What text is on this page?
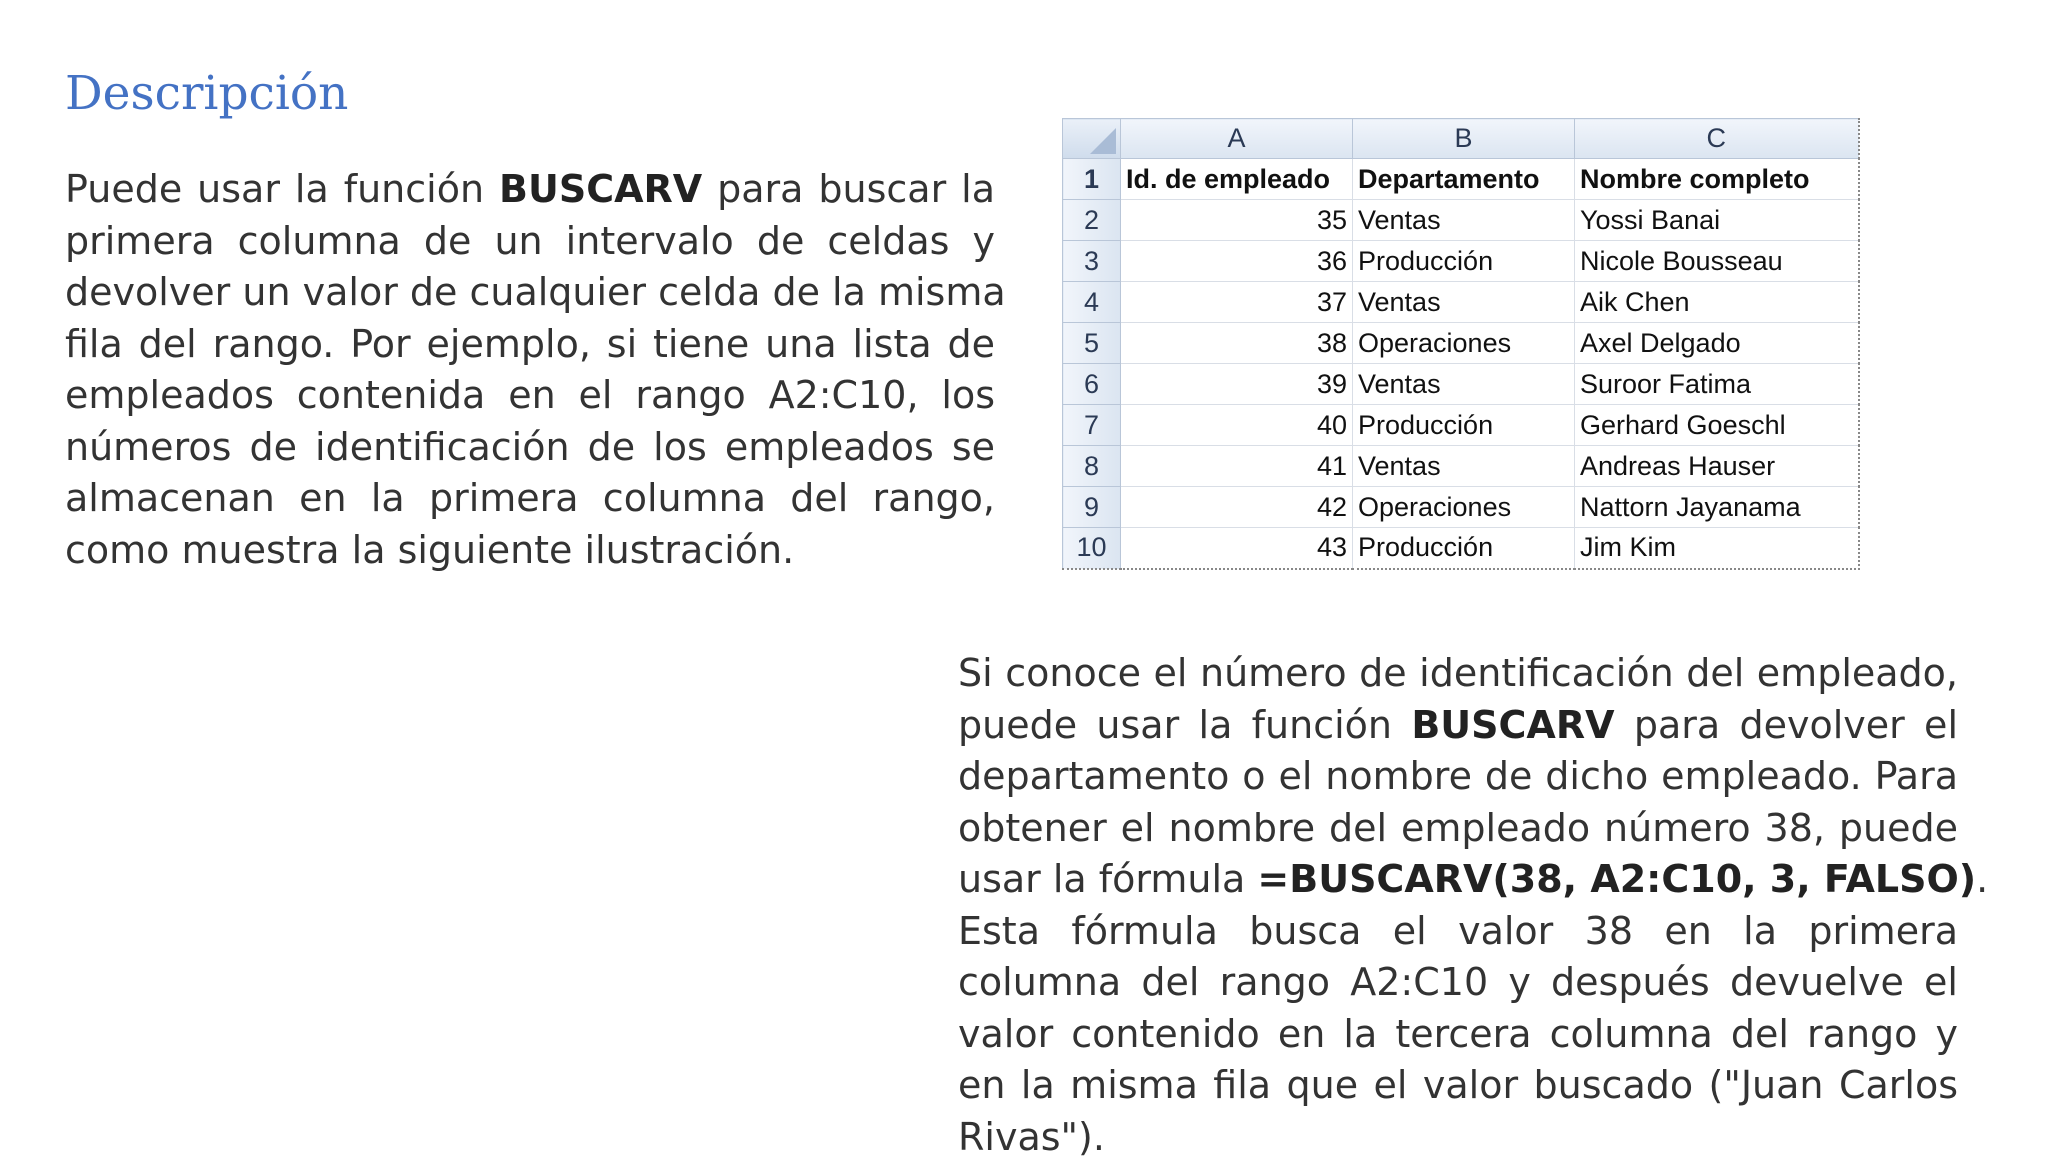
Descripción

Puede usar la función BUSCARV para buscar la
primera columna de un intervalo de celdas y
devolver un valor de cualquier celda de la misma
fila del rango. Por ejemplo, si tiene una lista de
empleados contenida en el rango A2:C10, los
números de identificación de los empleados se
almacenan en la primera columna del rango,
como muestra la siguiente ilustración.

	A	B	C
1	Id. de empleado	Departamento	Nombre completo
2	35	Ventas	Yossi Banai
3	36	Producción	Nicole Bousseau
4	37	Ventas	Aik Chen
5	38	Operaciones	Axel Delgado
6	39	Ventas	Suroor Fatima
7	40	Producción	Gerhard Goeschl
8	41	Ventas	Andreas Hauser
9	42	Operaciones	Nattorn Jayanama
10	43	Producción	Jim Kim

Si conoce el número de identificación del empleado,
puede usar la función BUSCARV para devolver el
departamento o el nombre de dicho empleado. Para
obtener el nombre del empleado número 38, puede
usar la fórmula =BUSCARV(38, A2:C10, 3, FALSO).
Esta fórmula busca el valor 38 en la primera
columna del rango A2:C10 y después devuelve el
valor contenido en la tercera columna del rango y
en la misma fila que el valor buscado ("Juan Carlos
Rivas").
